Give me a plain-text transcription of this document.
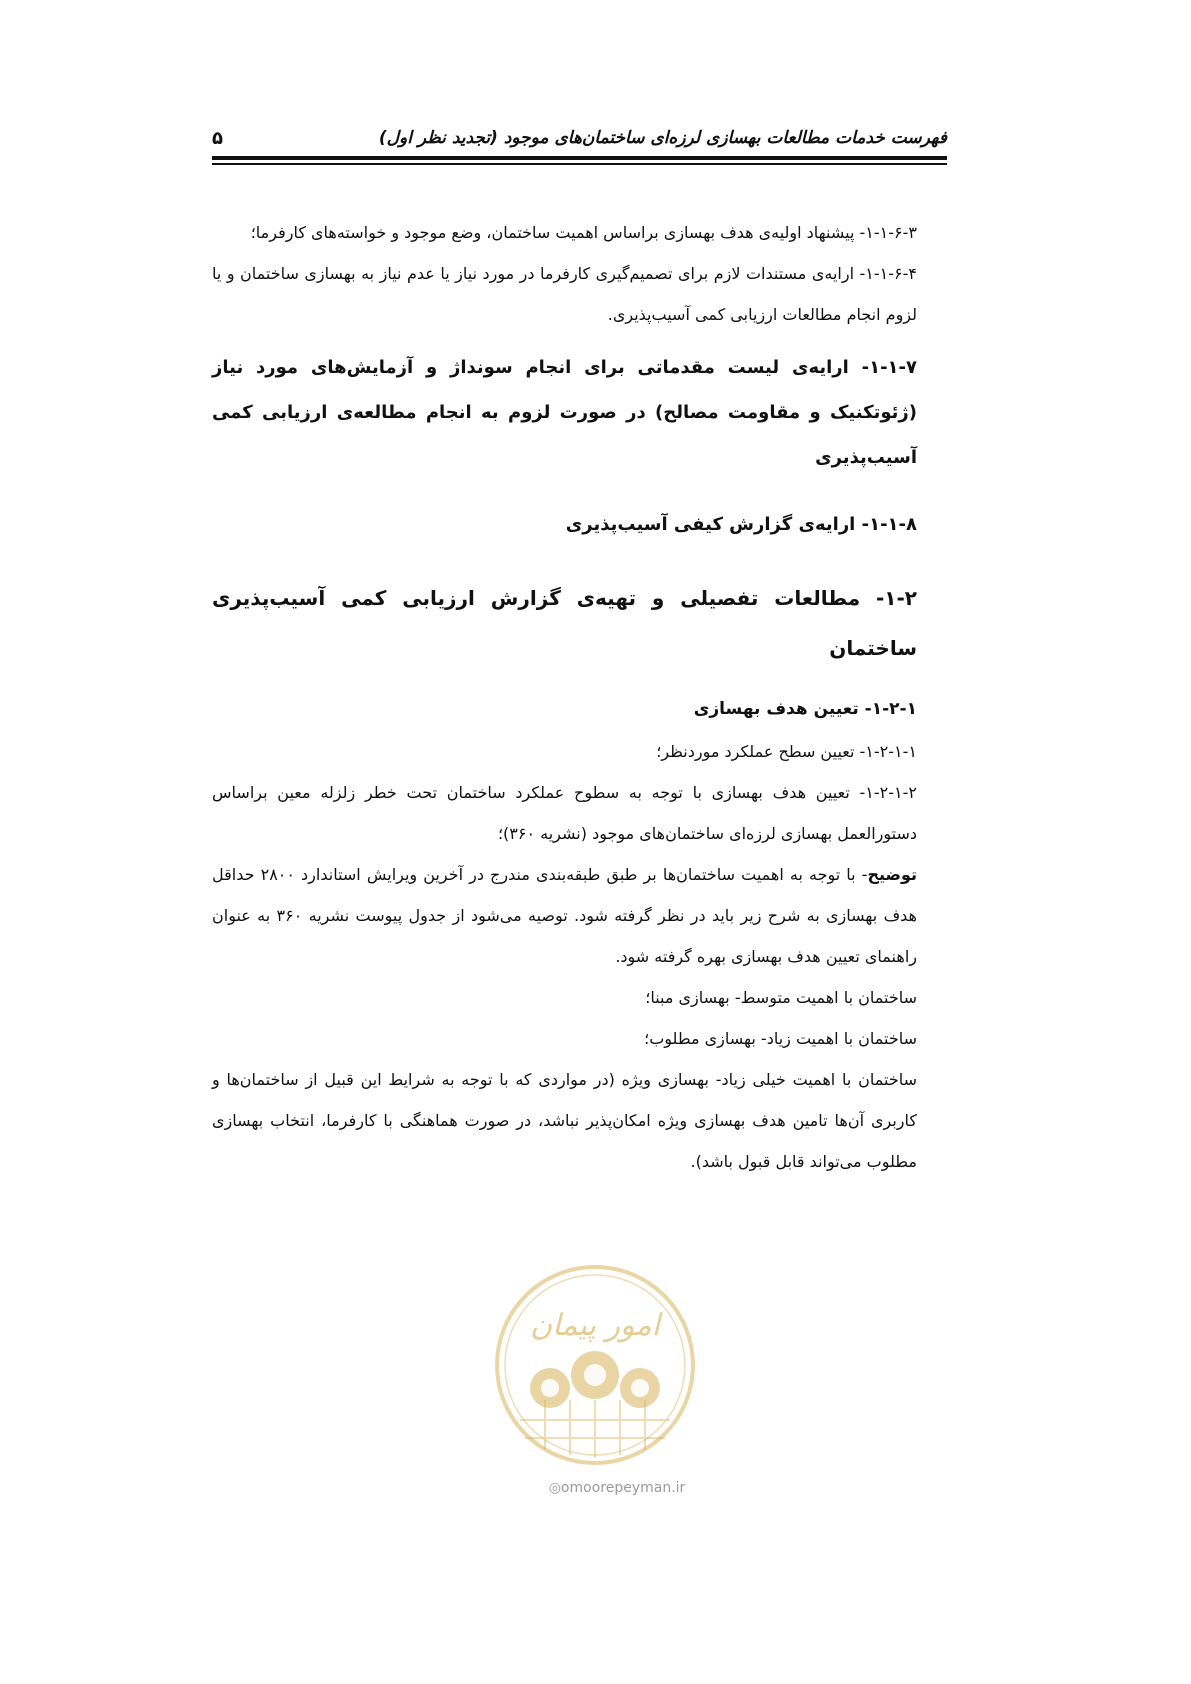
فهرست خدمات مطالعات بهسازی لرزه‌ای ساختمان‌های موجود (تجدید نظر اول)
۵

۱-۱-۶-۳- پیشنهاد اولیه‌ی هدف بهسازی براساس اهمیت ساختمان، وضع موجود و خواسته‌های کارفرما؛

۱-۱-۶-۴- ارایه‌ی مستندات لازم برای تصمیم‌گیری کارفرما در مورد نیاز یا عدم نیاز به بهسازی ساختمان و یا لزوم انجام مطالعات ارزیابی کمی آسیب‌پذیری.

۱-۱-۷- ارایه‌ی لیست مقدماتی برای انجام سونداژ و آزمایش‌های مورد نیاز (ژئوتکنیک و مقاومت مصالح) در صورت لزوم به انجام مطالعه‌ی ارزیابی کمی آسیب‌پذیری

۱-۱-۸- ارایه‌ی گزارش کیفی آسیب‌پذیری

۱-۲- مطالعات تفصیلی و تهیه‌ی گزارش ارزیابی کمی آسیب‌پذیری ساختمان

۱-۲-۱- تعیین هدف بهسازی

۱-۲-۱-۱- تعیین سطح عملکرد موردنظر؛

۱-۲-۱-۲- تعیین هدف بهسازی با توجه به سطوح عملکرد ساختمان تحت خطر زلزله معین براساس دستورالعمل بهسازی لرزه‌ای ساختمان‌های موجود (نشریه ۳۶۰)؛

توضیح- با توجه به اهمیت ساختمان‌ها بر طبق طبقه‌بندی مندرج در آخرین ویرایش استاندارد ۲۸۰۰ حداقل هدف بهسازی به شرح زیر باید در نظر گرفته شود. توصیه می‌شود از جدول پیوست نشریه ۳۶۰ به عنوان راهنمای تعیین هدف بهسازی بهره گرفته شود.

ساختمان با اهمیت متوسط- بهسازی مبنا؛

ساختمان با اهمیت زیاد- بهسازی مطلوب؛

ساختمان با اهمیت خیلی زیاد- بهسازی ویژه (در مواردی که با توجه به شرایط این قبیل از ساختمان‌ها و کاربری آن‌ها تامین هدف بهسازی ویژه امکان‌پذیر نباشد، در صورت هماهنگی با کارفرما، انتخاب بهسازی مطلوب می‌تواند قابل قبول باشد).

امور پیمان
◎omoorepeyman.ir
